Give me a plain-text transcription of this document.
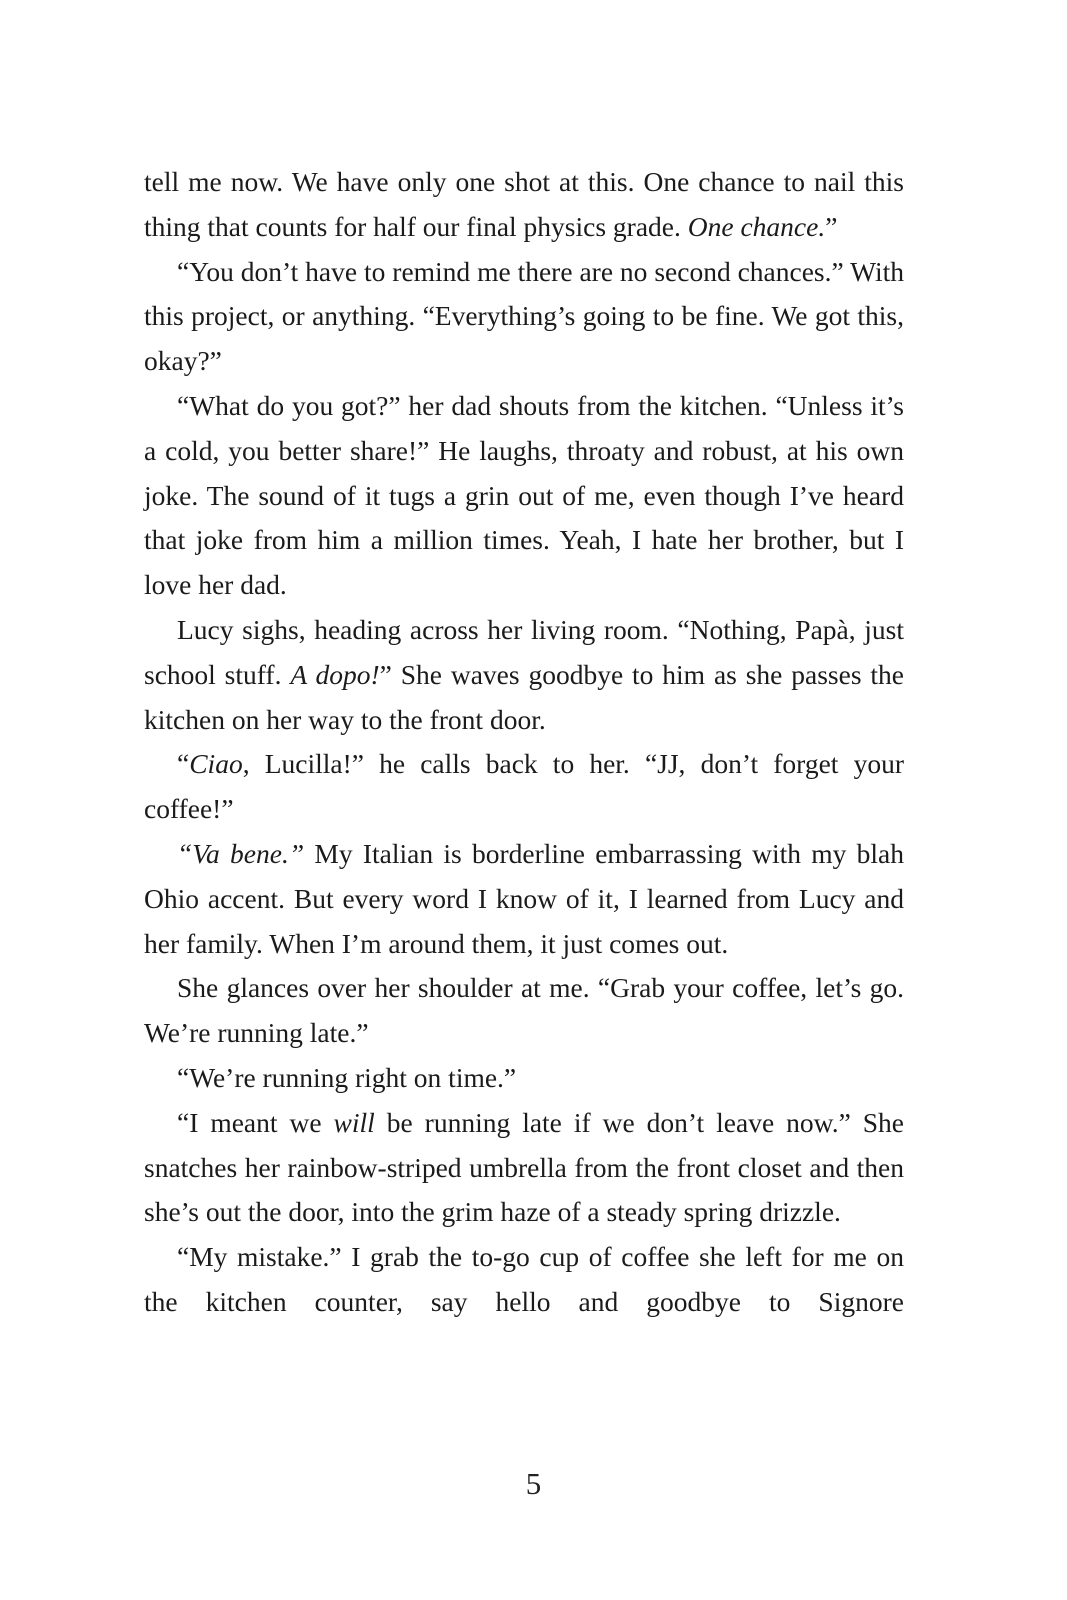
tell me now. We have only one shot at this. One chance to nail this thing that counts for half our final physics grade. One chance.”

“You don’t have to remind me there are no second chances.” With this project, or anything. “Everything’s going to be fine. We got this, okay?”

“What do you got?” her dad shouts from the kitchen. “Unless it’s a cold, you better share!” He laughs, throaty and robust, at his own joke. The sound of it tugs a grin out of me, even though I’ve heard that joke from him a million times. Yeah, I hate her brother, but I love her dad.

Lucy sighs, heading across her living room. “Nothing, Papà, just school stuff. A dopo!” She waves goodbye to him as she passes the kitchen on her way to the front door.

“Ciao, Lucilla!” he calls back to her. “JJ, don’t forget your coffee!”

“Va bene.” My Italian is borderline embarrassing with my blah Ohio accent. But every word I know of it, I learned from Lucy and her family. When I’m around them, it just comes out.

She glances over her shoulder at me. “Grab your coffee, let’s go. We’re running late.”

“We’re running right on time.”

“I meant we will be running late if we don’t leave now.” She snatches her rainbow-striped umbrella from the front closet and then she’s out the door, into the grim haze of a steady spring drizzle.

“My mistake.” I grab the to-go cup of coffee she left for me on the kitchen counter, say hello and goodbye to Signore

5
